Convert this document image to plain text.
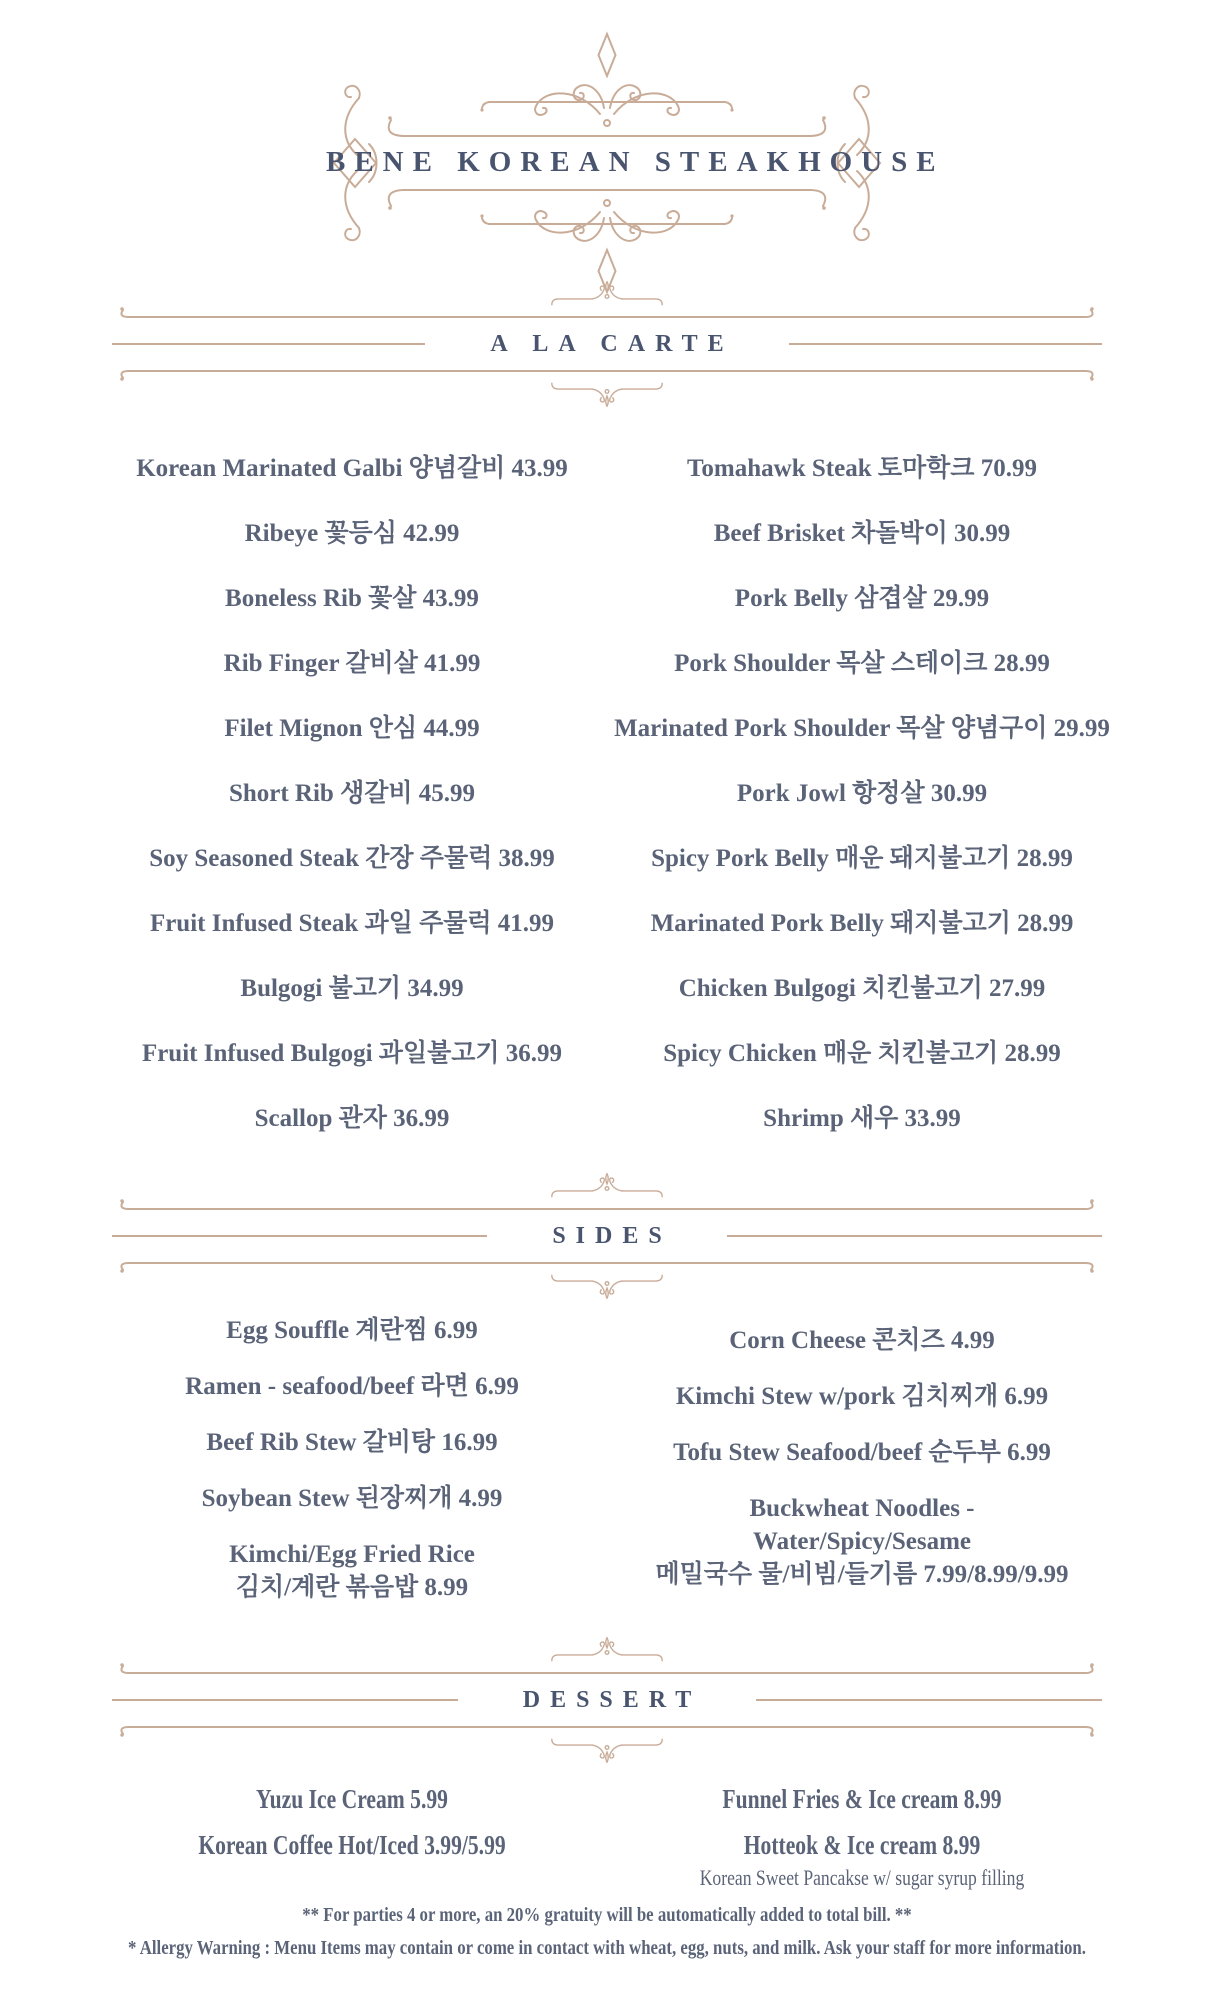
BENE KOREAN STEAKHOUSE
A LA CARTE

Korean Marinated Galbi 양념갈비 43.99

Ribeye 꽃등심 42.99

Boneless Rib 꽃살 43.99

Rib Finger 갈비살 41.99

Filet Mignon 안심 44.99

Short Rib 생갈비 45.99

Soy Seasoned Steak 간장 주물럭 38.99

Fruit Infused Steak 과일 주물럭 41.99

Bulgogi 불고기 34.99

Fruit Infused Bulgogi 과일불고기 36.99

Scallop 관자 36.99

Tomahawk Steak 토마학크 70.99

Beef Brisket 차돌박이 30.99

Pork Belly 삼겹살 29.99

Pork Shoulder 목살 스테이크 28.99

Marinated Pork Shoulder 목살 양념구이 29.99

Pork Jowl 항정살 30.99

Spicy Pork Belly 매운 돼지불고기 28.99

Marinated Pork Belly 돼지불고기 28.99

Chicken Bulgogi 치킨불고기 27.99

Spicy Chicken 매운 치킨불고기 28.99

Shrimp 새우 33.99

SIDES

Egg Souffle 계란찜 6.99

Ramen - seafood/beef 라면 6.99

Beef Rib Stew 갈비탕 16.99

Soybean Stew 된장찌개 4.99

Kimchi/Egg Fried Rice

김치/계란 볶음밥 8.99

Corn Cheese 콘치즈 4.99

Kimchi Stew w/pork 김치찌개 6.99

Tofu Stew Seafood/beef 순두부 6.99

Buckwheat Noodles -

Water/Spicy/Sesame

메밀국수 물/비빔/들기름 7.99/8.99/9.99

DESSERT

Yuzu Ice Cream 5.99

Korean Coffee Hot/Iced 3.99/5.99

Funnel Fries & Ice cream 8.99

Hotteok & Ice cream 8.99

Korean Sweet Pancakse w/ sugar syrup filling

** For parties 4 or more, an 20% gratuity will be automatically added to total bill. **

* Allergy Warning : Menu Items may contain or come in contact with wheat, egg, nuts, and milk. Ask your staff for more information.
